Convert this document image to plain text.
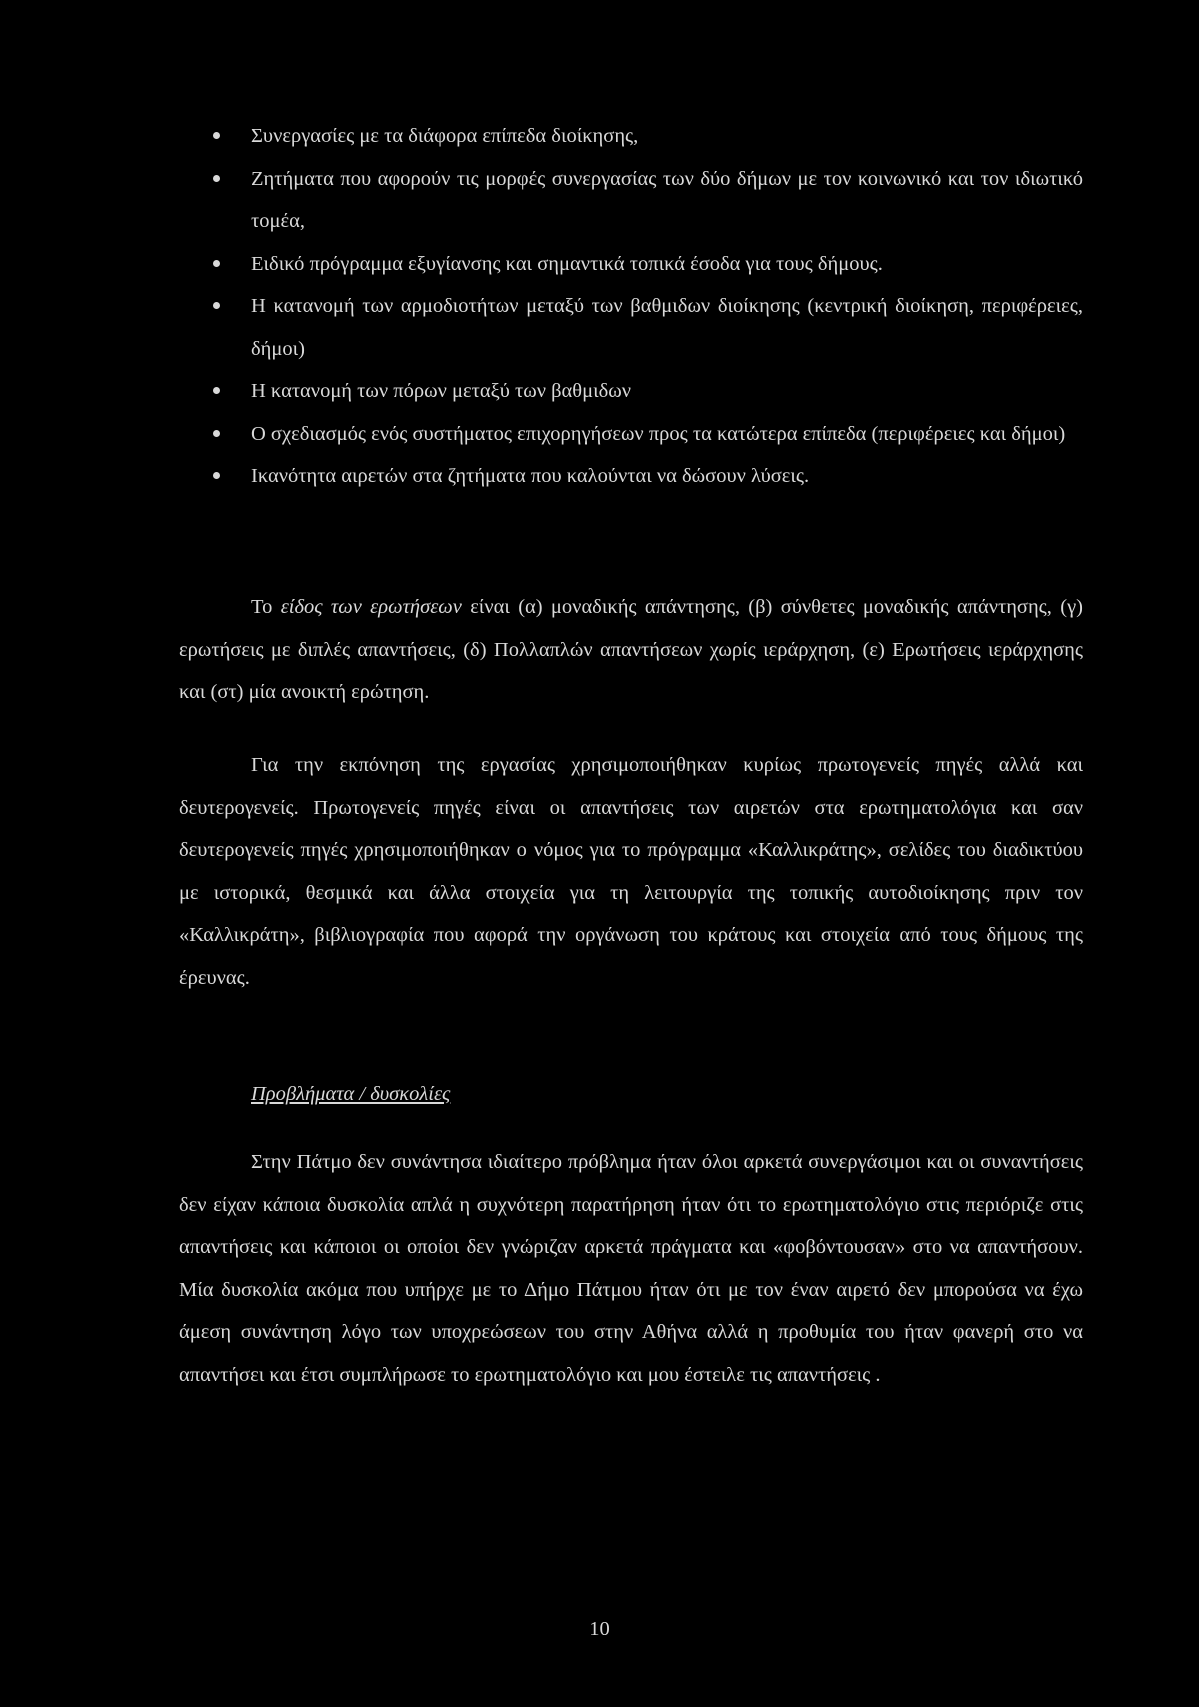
Συνεργασίες με τα διάφορα επίπεδα διοίκησης,
Ζητήματα που αφορούν τις μορφές συνεργασίας των δύο δήμων με τον κοινωνικό και τον ιδιωτικό τομέα,
Ειδικό πρόγραμμα εξυγίανσης και σημαντικά τοπικά έσοδα για τους δήμους.
Η κατανομή των αρμοδιοτήτων μεταξύ των βαθμιδων διοίκησης (κεντρική διοίκηση, περιφέρειες, δήμοι)
Η κατανομή των πόρων μεταξύ των βαθμιδων
Ο σχεδιασμός ενός συστήματος επιχορηγήσεων προς τα κατώτερα επίπεδα (περιφέρειες και δήμοι)
Ικανότητα αιρετών στα ζητήματα που καλούνται να δώσουν λύσεις.

Το είδος των ερωτήσεων είναι (α) μοναδικής απάντησης, (β) σύνθετες μοναδικής απάντησης, (γ) ερωτήσεις με διπλές απαντήσεις, (δ) Πολλαπλών απαντήσεων χωρίς ιεράρχηση, (ε) Ερωτήσεις ιεράρχησης και (στ) μία ανοικτή ερώτηση.

Για την εκπόνηση της εργασίας χρησιμοποιήθηκαν κυρίως πρωτογενείς πηγές αλλά και δευτερογενείς. Πρωτογενείς πηγές είναι οι απαντήσεις των αιρετών στα ερωτηματολόγια και σαν δευτερογενείς πηγές χρησιμοποιήθηκαν ο νόμος για το πρόγραμμα «Καλλικράτης», σελίδες του διαδικτύου με ιστορικά, θεσμικά και άλλα στοιχεία για τη λειτουργία της τοπικής αυτοδιοίκησης πριν τον «Καλλικράτη», βιβλιογραφία που αφορά την οργάνωση του κράτους και στοιχεία από τους δήμους της έρευνας.

Προβλήματα / δυσκολίες

Στην Πάτμο δεν συνάντησα ιδιαίτερο πρόβλημα ήταν όλοι αρκετά συνεργάσιμοι και οι συναντήσεις δεν είχαν κάποια δυσκολία απλά η συχνότερη παρατήρηση ήταν ότι το ερωτηματολόγιο στις περιόριζε στις απαντήσεις και κάποιοι οι οποίοι δεν γνώριζαν αρκετά πράγματα και «φοβόντουσαν» στο να απαντήσουν. Μία δυσκολία ακόμα που υπήρχε με το Δήμο Πάτμου ήταν ότι με τον έναν αιρετό δεν μπορούσα να έχω άμεση συνάντηση λόγο των υποχρεώσεων του στην Αθήνα αλλά η προθυμία του ήταν φανερή στο να απαντήσει και έτσι συμπλήρωσε το ερωτηματολόγιο και μου έστειλε τις απαντήσεις .

10
